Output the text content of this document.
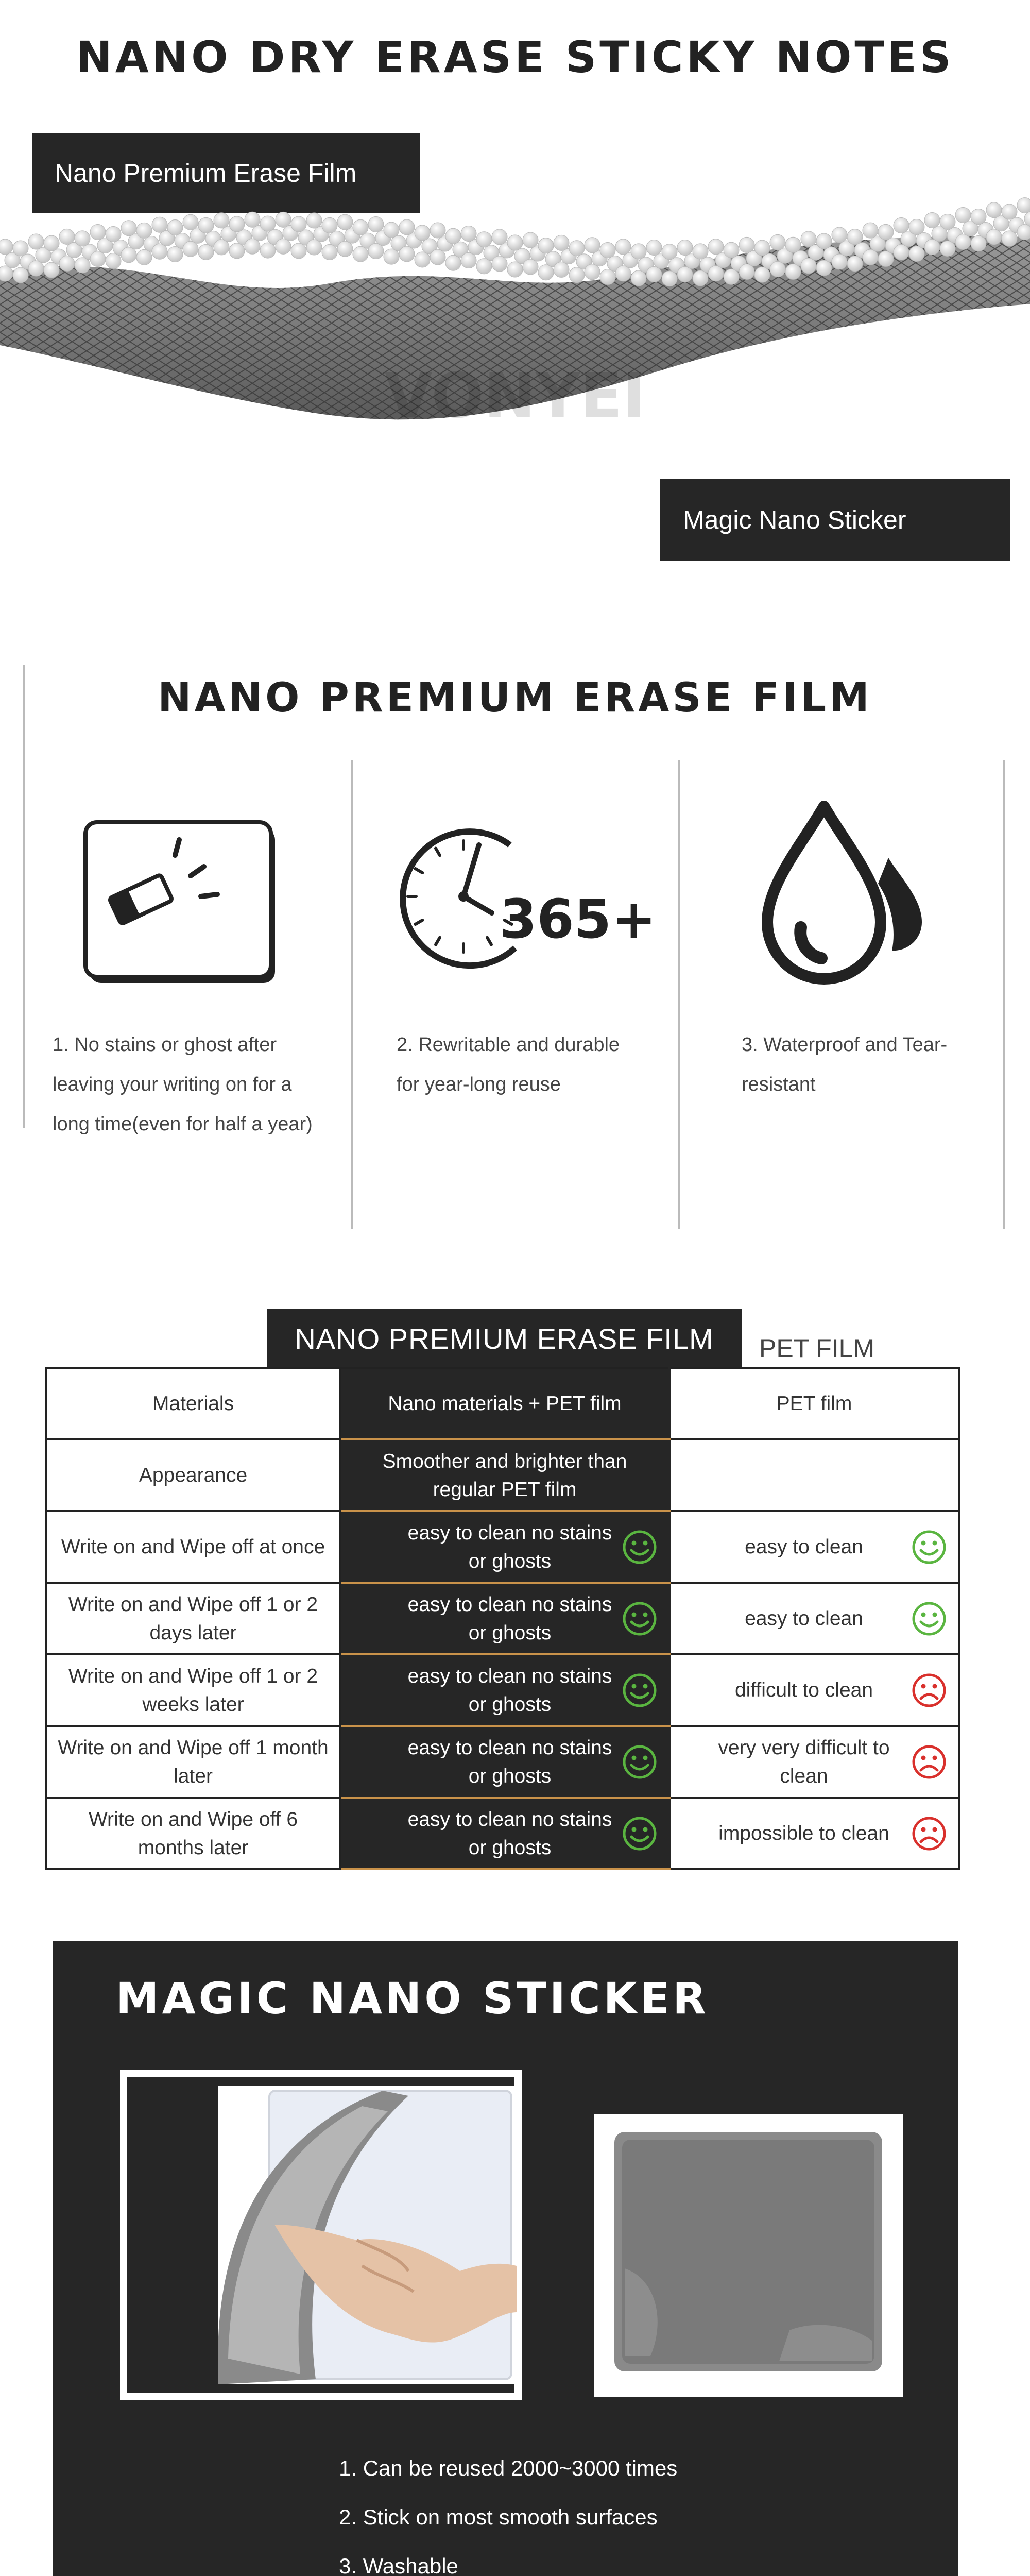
NANO DRY ERASE STICKY NOTES
Nano Premium Erase Film
VONYEI
Magic Nano Sticker
NANO PREMIUM ERASE FILM
365+
1. No stains or ghost after leaving your writing on for a long time(even for half a year)
2. Rewritable and durable for year-long reuse
3. Waterproof and Tear-resistant
NANO PREMIUM ERASE FILM PET FILM
Materials	Nano materials + PET film	PET film
Appearance	Smoother and brighter than regular PET film	

Write on and Wipe off at once	easy to clean no stains or ghosts	easy to clean

Write on and Wipe off 1 or 2 days later	easy to clean no stains or ghosts	easy to clean

Write on and Wipe off 1 or 2 weeks later	easy to clean no stains or ghosts	difficult to clean

Write on and Wipe off 1 month later	easy to clean no stains or ghosts	very very difficult to clean

Write on and Wipe off 6 months later	easy to clean no stains or ghosts	impossible to clean
MAGIC NANO STICKER
1. Can be reused 2000~3000 times
2. Stick on most smooth surfaces
3. Washable
